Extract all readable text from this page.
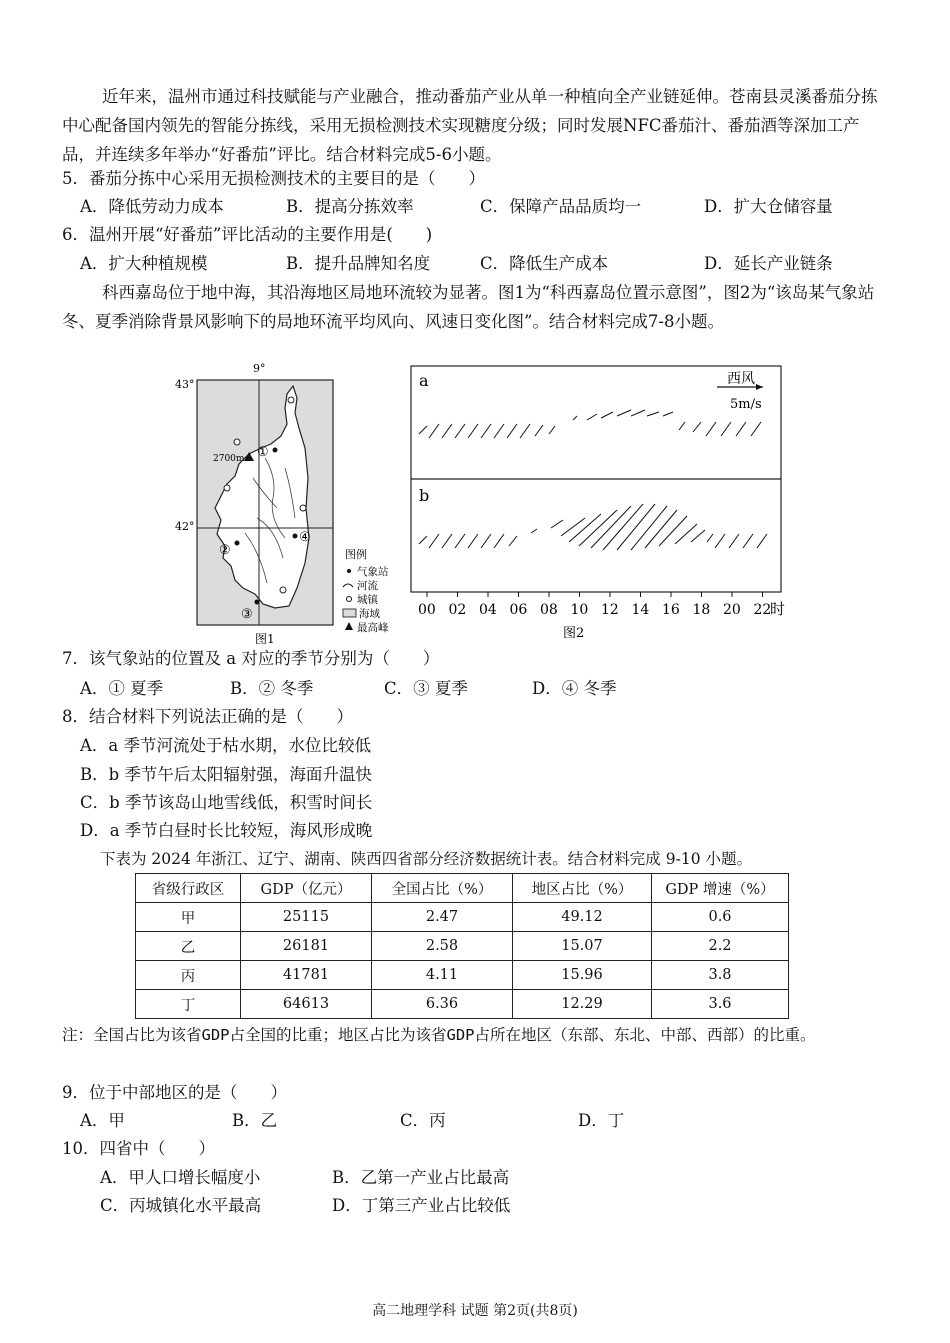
近年来，温州市通过科技赋能与产业融合，推动番茄产业从单一种植向全产业链延伸。苍南县灵溪番茄分拣中心配备国内领先的智能分拣线，采用无损检测技术实现糖度分级；同时发展NFC番茄汁、番茄酒等深加工产品，并连续多年举办“好番茄”评比。结合材料完成5-6小题。

5．番茄分拣中心采用无损检测技术的主要目的是（　　）
A．降低劳动力成本	B．提高分拣效率	C．保障产品品质均一	D．扩大仓储容量
6．温州开展“好番茄”评比活动的主要作用是(　　)
A．扩大种植规模	B．提升品牌知名度	C．降低生产成本	D．延长产业链条

科西嘉岛位于地中海，其沿海地区局地环流较为显著。图1为“科西嘉岛位置示意图”，图2为“该岛某气象站冬、夏季消除背景风影响下的局地环流平均风向、风速日变化图”。结合材料完成7-8小题。

9°
43°
42°
2700m ①
②
③
④
图1
图例
气象站
河流
城镇
海域
最高峰
a
b
西风
5m/s
00 02 04 06 08 10 12 14 16 18 20 22
时
图2
7．该气象站的位置及 a 对应的季节分别为（　　）
A．① 夏季	B．② 冬季	C．③ 夏季	D．④ 冬季
8．结合材料下列说法正确的是（　　）
A．a 季节河流处于枯水期，水位比较低
B．b 季节午后太阳辐射强，海面升温快
C．b 季节该岛山地雪线低，积雪时间长
D．a 季节白昼时长比较短，海风形成晚
下表为 2024 年浙江、辽宁、湖南、陕西四省部分经济数据统计表。结合材料完成 9-10 小题。
省级行政区	GDP（亿元）	全国占比（%）	地区占比（%）	GDP 增速（%）
甲	25115	2.47	49.12	0.6
乙	26181	2.58	15.07	2.2
丙	41781	4.11	15.96	3.8
丁	64613	6.36	12.29	3.6
注：全国占比为该省GDP占全国的比重；地区占比为该省GDP占所在地区（东部、东北、中部、西部）的比重。
9．位于中部地区的是（　　）
A．甲	B．乙	C．丙	D．丁
10．四省中（　　）
A．甲人口增长幅度小	B．乙第一产业占比最高
C．丙城镇化水平最高	D．丁第三产业占比较低
高二地理学科 试题 第2页(共8页)
